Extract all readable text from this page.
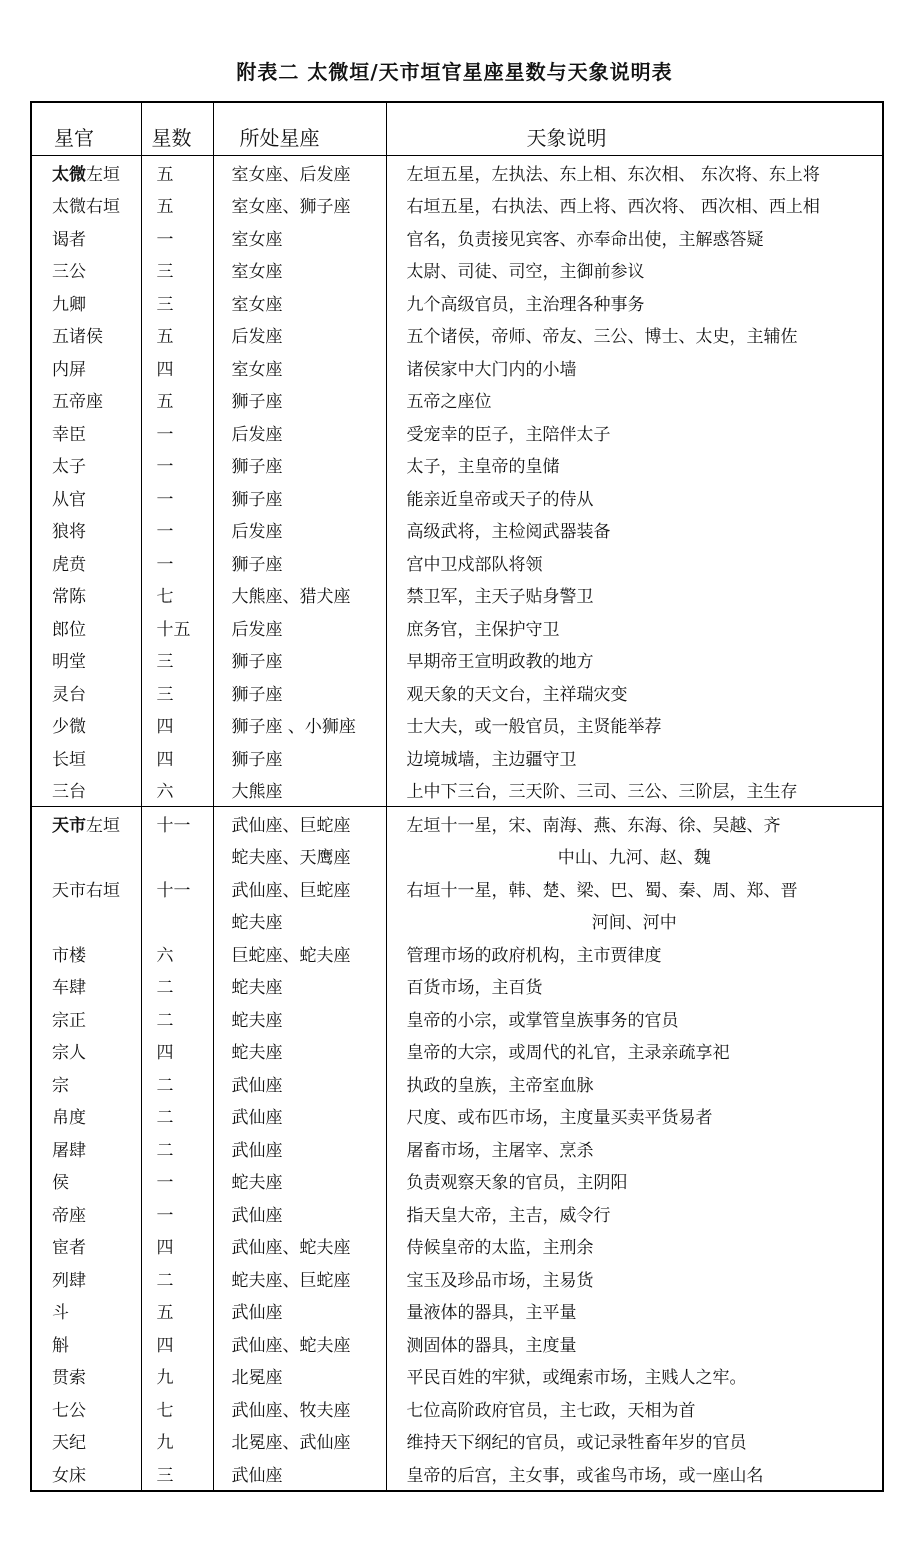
附表二 太微垣/天市垣官星座星数与天象说明表
星官	星数	所处星座	天象说明
太微左垣	五	室女座、后发座	左垣五星，左执法、东上相、东次相、 东次将、东上将
太微右垣	五	室女座、狮子座	右垣五星，右执法、西上将、西次将、 西次相、西上相
谒者	一	室女座	官名，负责接见宾客、亦奉命出使，主解惑答疑
三公	三	室女座	太尉、司徒、司空，主御前参议
九卿	三	室女座	九个高级官员，主治理各种事务
五诸侯	五	后发座	五个诸侯，帝师、帝友、三公、博士、太史，主辅佐
内屏	四	室女座	诸侯家中大门内的小墙
五帝座	五	狮子座	五帝之座位
幸臣	一	后发座	受宠幸的臣子，主陪伴太子
太子	一	狮子座	太子，主皇帝的皇储
从官	一	狮子座	能亲近皇帝或天子的侍从
狼将	一	后发座	高级武将，主检阅武器装备
虎贲	一	狮子座	宫中卫戍部队将领
常陈	七	大熊座、猎犬座	禁卫军，主天子贴身警卫
郎位	十五	后发座	庶务官，主保护守卫
明堂	三	狮子座	早期帝王宣明政教的地方
灵台	三	狮子座	观天象的天文台，主祥瑞灾变
少微	四	狮子座 、小狮座	士大夫，或一般官员，主贤能举荐
长垣	四	狮子座	边境城墙，主边疆守卫
三台	六	大熊座	上中下三台，三天阶、三司、三公、三阶层，主生存
天市左垣	十一	武仙座、巨蛇座	左垣十一星，宋、南海、燕、东海、徐、吴越、齐
		蛇夫座、天鹰座	中山、九河、赵、魏
天市右垣	十一	武仙座、巨蛇座	右垣十一星，韩、楚、梁、巴、蜀、秦、周、郑、晋
		蛇夫座	河间、河中
市楼	六	巨蛇座、蛇夫座	管理市场的政府机构，主市贾律度
车肆	二	蛇夫座	百货市场，主百货
宗正	二	蛇夫座	皇帝的小宗，或掌管皇族事务的官员
宗人	四	蛇夫座	皇帝的大宗，或周代的礼官，主录亲疏享祀
宗	二	武仙座	执政的皇族，主帝室血脉
帛度	二	武仙座	尺度、或布匹市场，主度量买卖平货易者
屠肆	二	武仙座	屠畜市场，主屠宰、烹杀
侯	一	蛇夫座	负责观察天象的官员，主阴阳
帝座	一	武仙座	指天皇大帝，主吉，威令行
宦者	四	武仙座、蛇夫座	侍候皇帝的太监，主刑余
列肆	二	蛇夫座、巨蛇座	宝玉及珍品市场，主易货
斗	五	武仙座	量液体的器具，主平量
斛	四	武仙座、蛇夫座	测固体的器具，主度量
贯索	九	北冕座	平民百姓的牢狱，或绳索市场，主贱人之牢。
七公	七	武仙座、牧夫座	七位高阶政府官员，主七政，天相为首
天纪	九	北冕座、武仙座	维持天下纲纪的官员，或记录牲畜年岁的官员
女床	三	武仙座	皇帝的后宫，主女事，或雀鸟市场，或一座山名
